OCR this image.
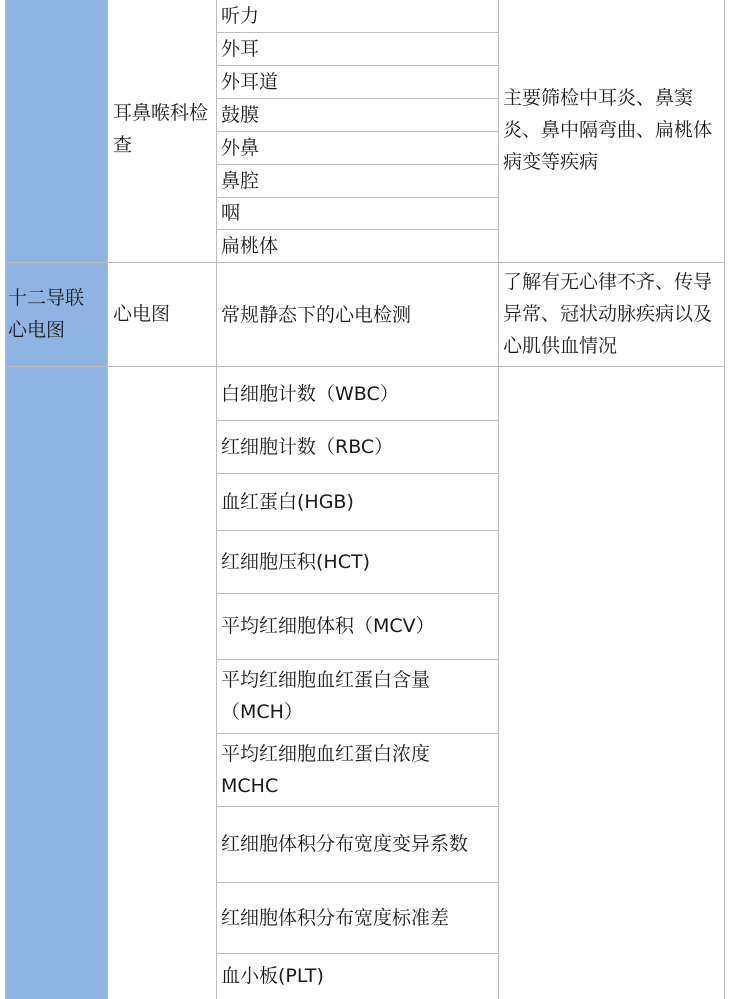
耳鼻喉科检查
听力
外耳
外耳道
鼓膜
外鼻
鼻腔
咽
扁桃体
主要筛检中耳炎、鼻窦炎、鼻中隔弯曲、扁桃体病变等疾病
十二导联心电图
心电图	常规静态下的心电检测
了解有无心律不齐、传导异常、冠状动脉疾病以及心肌供血情况
白细胞计数（WBC）
红细胞计数（RBC）
血红蛋白(HGB)
红细胞压积(HCT)
平均红细胞体积（MCV）
平均红细胞血红蛋白含量（MCH）
平均红细胞血红蛋白浓度MCHC
红细胞体积分布宽度变异系数
红细胞体积分布宽度标准差
血小板(PLT)
